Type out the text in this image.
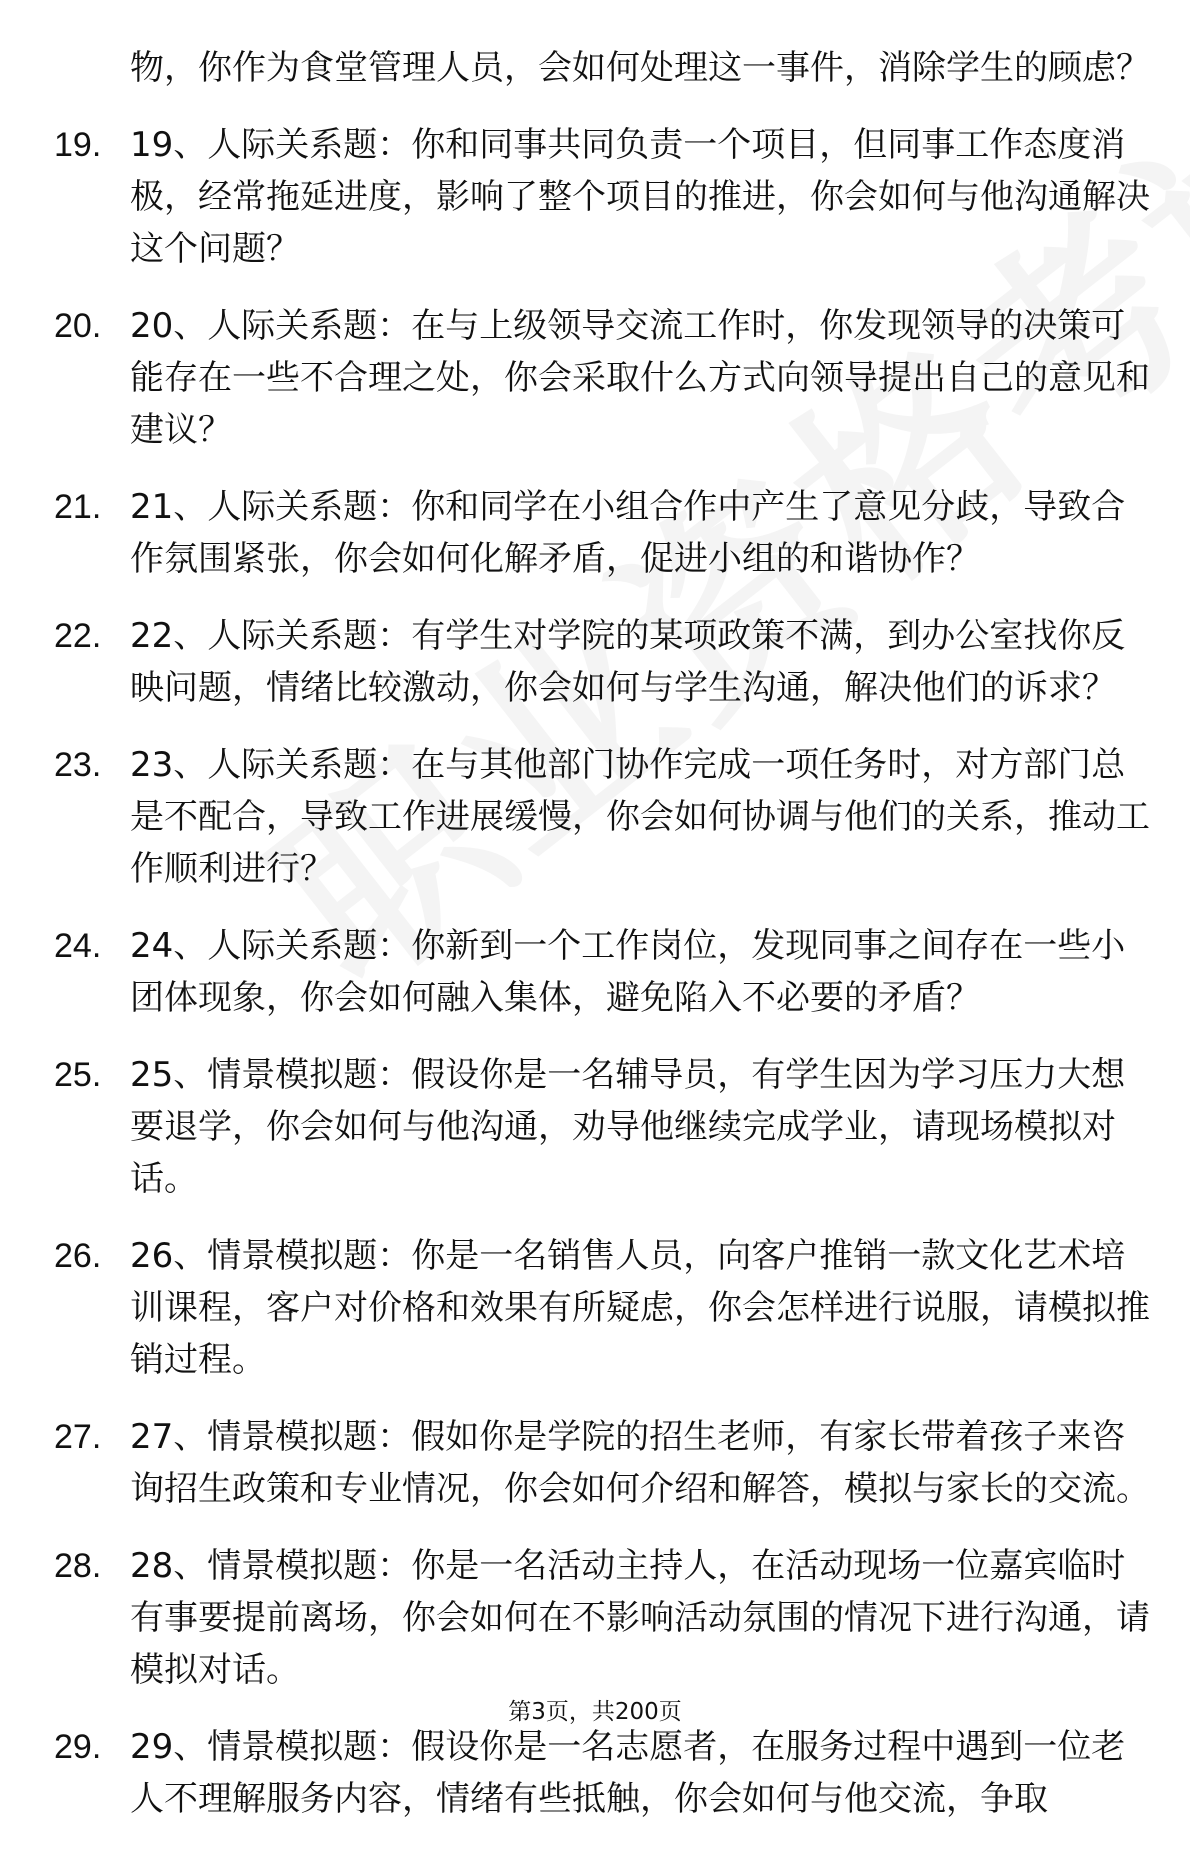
物，你作为食堂管理人员，会如何处理这一事件，消除学生的顾虑？
19. 19、人际关系题：你和同事共同负责一个项目，但同事工作态度消极，经常拖延进度，影响了整个项目的推进，你会如何与他沟通解决这个问题？
20. 20、人际关系题：在与上级领导交流工作时，你发现领导的决策可能存在一些不合理之处，你会采取什么方式向领导提出自己的意见和建议？
21. 21、人际关系题：你和同学在小组合作中产生了意见分歧，导致合作氛围紧张，你会如何化解矛盾，促进小组的和谐协作？
22. 22、人际关系题：有学生对学院的某项政策不满，到办公室找你反映问题，情绪比较激动，你会如何与学生沟通，解决他们的诉求？
23. 23、人际关系题：在与其他部门协作完成一项任务时，对方部门总是不配合，导致工作进展缓慢，你会如何协调与他们的关系，推动工作顺利进行？
24. 24、人际关系题：你新到一个工作岗位，发现同事之间存在一些小团体现象，你会如何融入集体，避免陷入不必要的矛盾？
25. 25、情景模拟题：假设你是一名辅导员，有学生因为学习压力大想要退学，你会如何与他沟通，劝导他继续完成学业，请现场模拟对话。
26. 26、情景模拟题：你是一名销售人员，向客户推销一款文化艺术培训课程，客户对价格和效果有所疑虑，你会怎样进行说服，请模拟推销过程。
27. 27、情景模拟题：假如你是学院的招生老师，有家长带着孩子来咨询招生政策和专业情况，你会如何介绍和解答，模拟与家长的交流。
28. 28、情景模拟题：你是一名活动主持人，在活动现场一位嘉宾临时有事要提前离场，你会如何在不影响活动氛围的情况下进行沟通，请模拟对话。
29. 29、情景模拟题：假设你是一名志愿者，在服务过程中遇到一位老人不理解服务内容，情绪有些抵触，你会如何与他交流，争取
第3页，共200页
